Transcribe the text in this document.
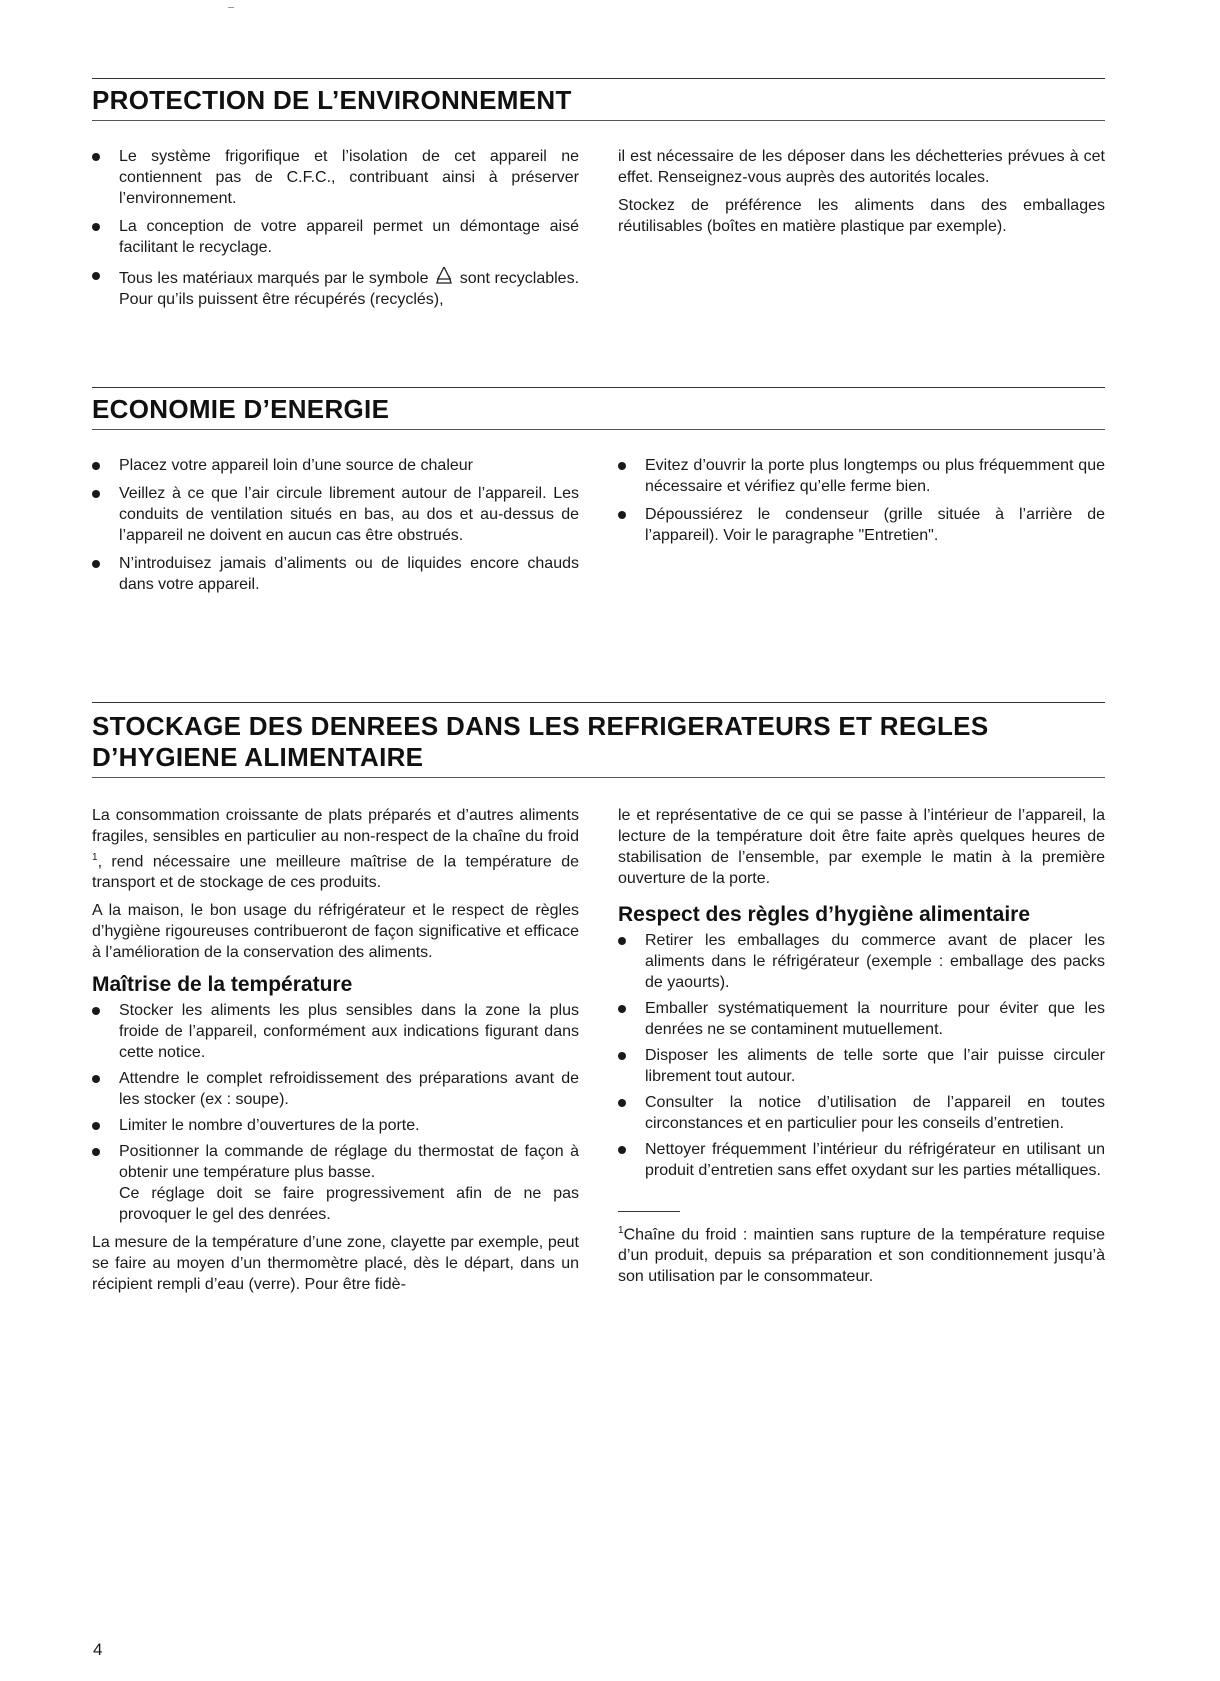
PROTECTION DE L’ENVIRONNEMENT
Le système frigorifique et l’isolation de cet appareil ne contiennent pas de C.F.C., contribuant ainsi à préserver l’environnement.
La conception de votre appareil permet un démontage aisé facilitant le recyclage.
Tous les matériaux marqués par le symbole sont recyclables. Pour qu’ils puissent être récupérés (recyclés),

il est nécessaire de les déposer dans les déchetteries prévues à cet effet. Renseignez-vous auprès des autorités locales.

Stockez de préférence les aliments dans des emballages réutilisables (boîtes en matière plastique par exemple).

ECONOMIE D’ENERGIE
Placez votre appareil loin d’une source de chaleur
Veillez à ce que l’air circule librement autour de l’appareil. Les conduits de ventilation situés en bas, au dos et au-dessus de l’appareil ne doivent en aucun cas être obstrués.
N’introduisez jamais d’aliments ou de liquides encore chauds dans votre appareil.
Evitez d’ouvrir la porte plus longtemps ou plus fréquemment que nécessaire et vérifiez qu’elle ferme bien.
Dépoussiérez le condenseur (grille située à l’arrière de l’appareil). Voir le paragraphe "Entretien".
STOCKAGE DES DENREES DANS LES REFRIGERATEURS ET REGLES
D’HYGIENE ALIMENTAIRE

La consommation croissante de plats préparés et d’autres aliments fragiles, sensibles en particulier au non-respect de la chaîne du froid $^1$, rend nécessaire une meilleure maîtrise de la température de transport et de stockage de ces produits.

A la maison, le bon usage du réfrigérateur et le respect de règles d’hygiène rigoureuses contribueront de façon significative et efficace à l’amélioration de la conservation des aliments.

Maîtrise de la température
Stocker les aliments les plus sensibles dans la zone la plus froide de l’appareil, conformément aux indications figurant dans cette notice.
Attendre le complet refroidissement des préparations avant de les stocker (ex : soupe).
Limiter le nombre d’ouvertures de la porte.
Positionner la commande de réglage du thermostat de façon à obtenir une température plus basse.
Ce réglage doit se faire progressivement afin de ne pas provoquer le gel des denrées.

La mesure de la température d’une zone, clayette par exemple, peut se faire au moyen d’un thermomètre placé, dès le départ, dans un récipient rempli d’eau (verre). Pour être fidè-

le et représentative de ce qui se passe à l’intérieur de l’appareil, la lecture de la température doit être faite après quelques heures de stabilisation de l’ensemble, par exemple le matin à la première ouverture de la porte.

Respect des règles d’hygiène alimentaire
Retirer les emballages du commerce avant de placer les aliments dans le réfrigérateur (exemple : emballage des packs de yaourts).
Emballer systématiquement la nourriture pour éviter que les denrées ne se contaminent mutuellement.
Disposer les aliments de telle sorte que l’air puisse circuler librement tout autour.
Consulter la notice d’utilisation de l’appareil en toutes circonstances et en particulier pour les conseils d’entretien.
Nettoyer fréquemment l’intérieur du réfrigérateur en utilisant un produit d’entretien sans effet oxydant sur les parties métalliques.

$^1$Chaîne du froid : maintien sans rupture de la température requise d’un produit, depuis sa préparation et son conditionnement jusqu’à son utilisation par le consommateur.

4
